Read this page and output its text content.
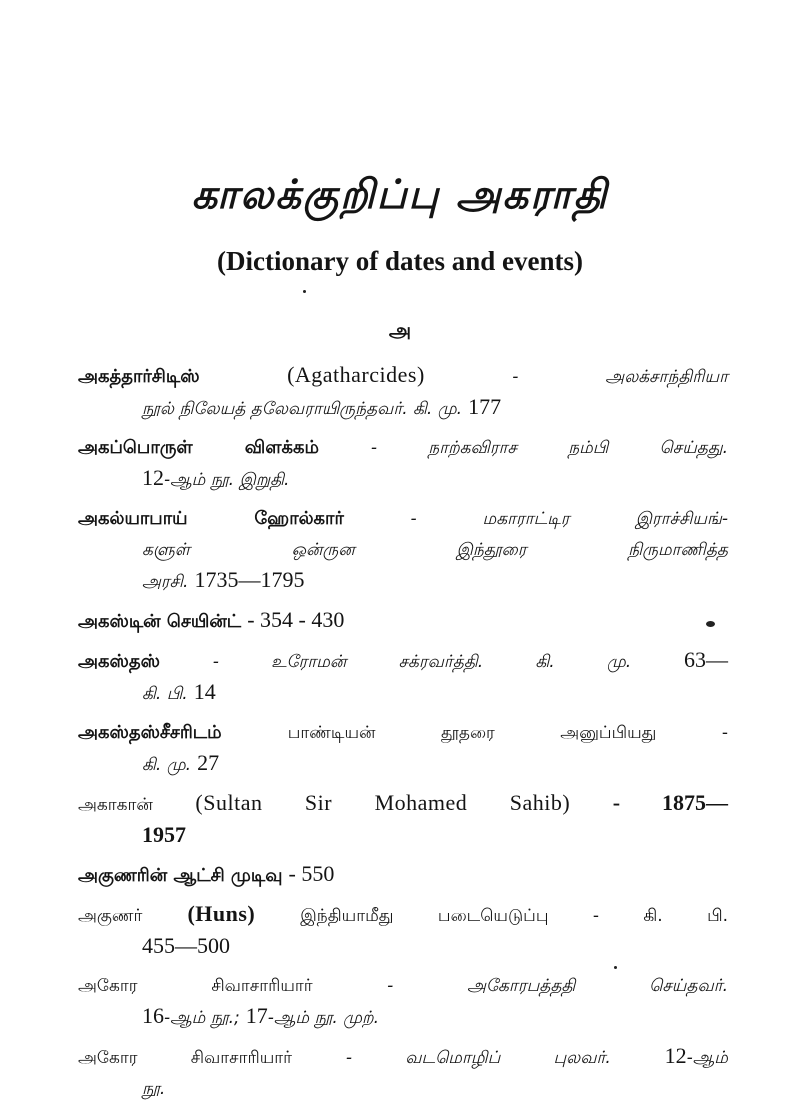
காலக்குறிப்பு அகராதி
(Dictionary of dates and events)
அ
அகத்தார்சிடிஸ்	(Agatharcides)	- அலக்சாந்திரியா
நூல் நிலேயத் தலேவராயிருந்தவர். கி. மு. 177
அகப்பொருள் விளக்கம்	- நாற்கவிராச நம்பி செய்தது.
12-ஆம் நூ. இறுதி.
அகல்யாபாய் ஹோல்கார்	- மகாராட்டிர இராச்சியங்-
களுள் ஒன்ருன இந்தூரை நிருமாணித்த
அரசி. 1735—1795
அகஸ்டின் செயின்ட் - 354 - 430
அகஸ்தஸ்	- உரோமன் சக்ரவர்த்தி. கி. மு. 63—
கி. பி. 14
அகஸ்தஸ்சீசரிடம்	பாண்டியன் தூதரை அனுப்பியது -
கி. மு. 27
அகாகான் (Sultan Sir Mohamed Sahib) - 1875—
1957
அகுணரின் ஆட்சி முடிவு - 550
அகுணர் (Huns)	இந்தியாமீது படையெடுப்பு - கி. பி.
455—500
அகோர சிவாசாரியார்	- அகோரபத்ததி செய்தவர்.
16-ஆம் நூ.; 17-ஆம் நூ. முற்.
அகோர சிவாசாரியார்	- வடமொழிப் புலவர். 12-ஆம்
நூ.
